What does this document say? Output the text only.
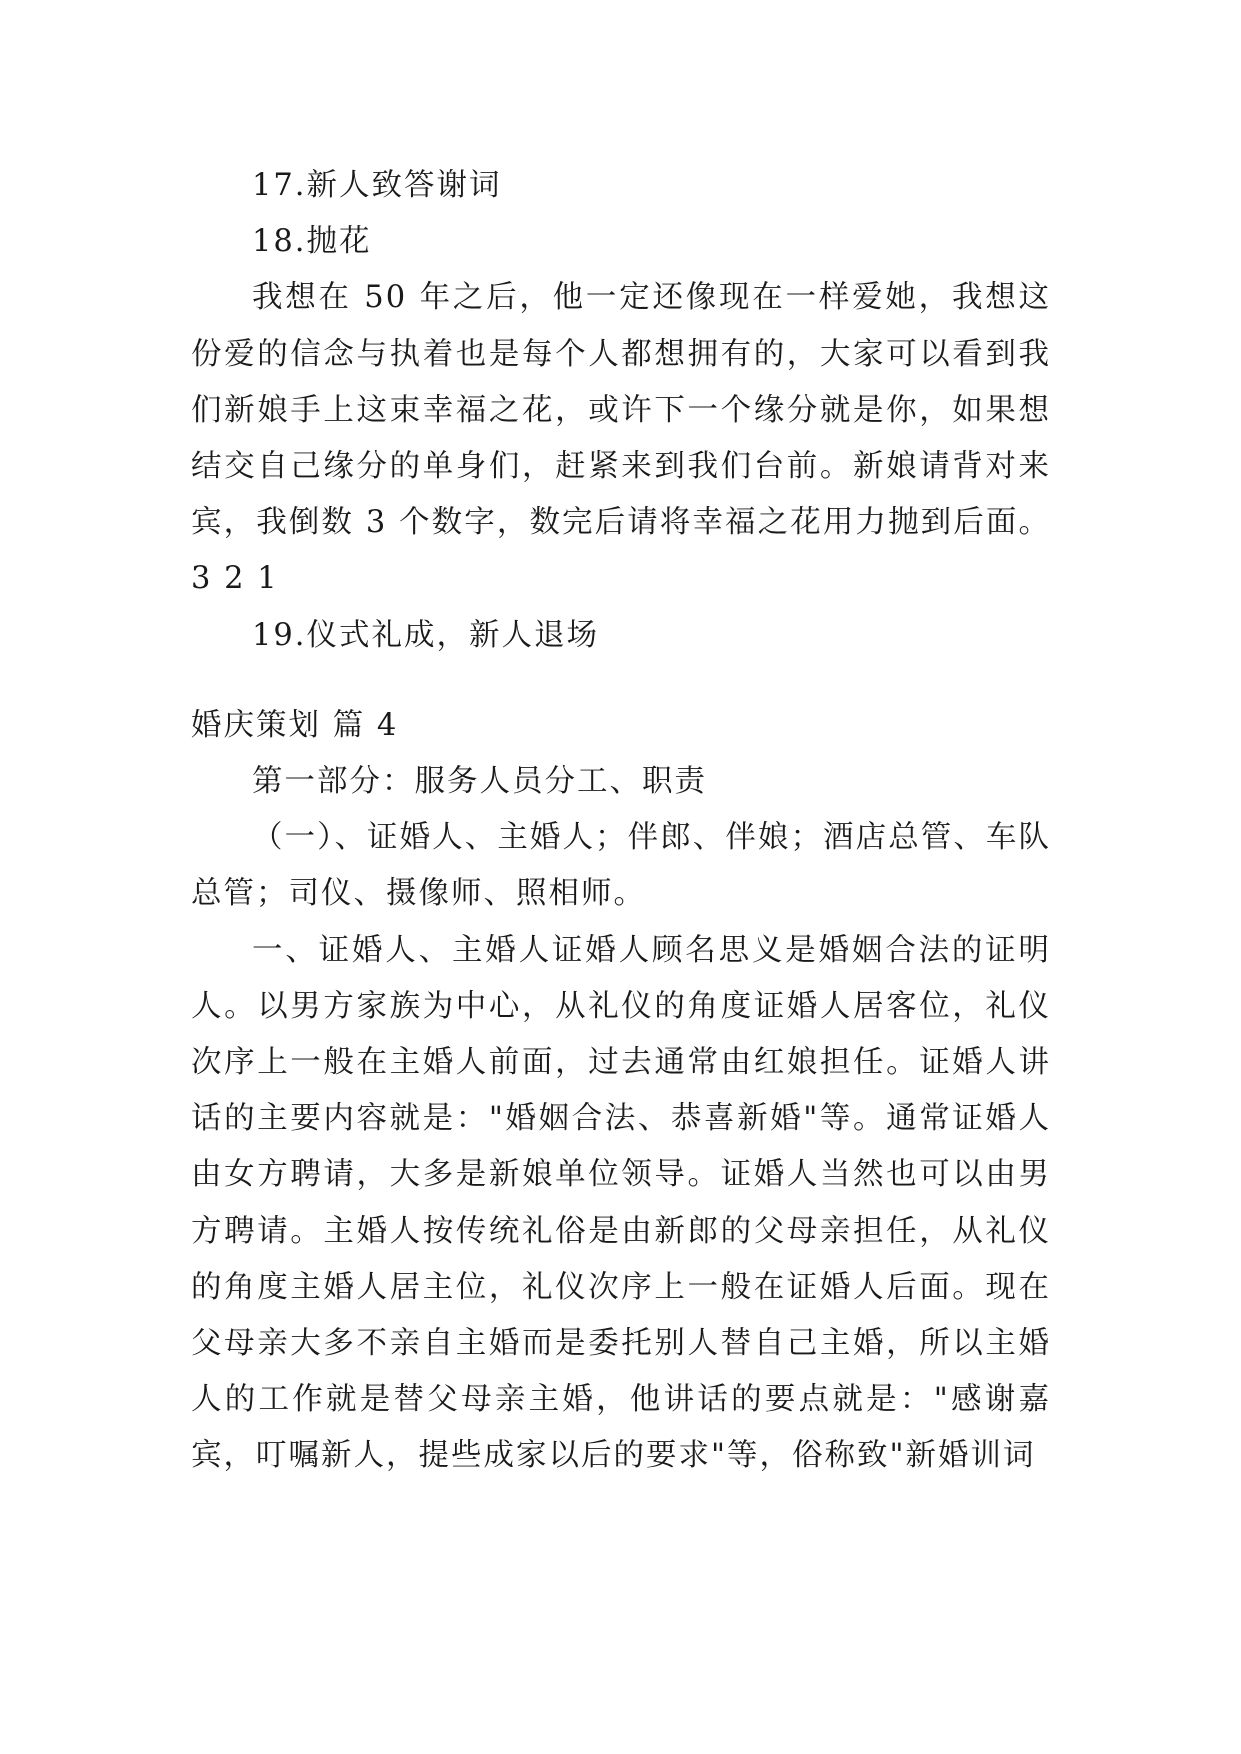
17.新人致答谢词

18.抛花

我想在 50 年之后，他一定还像现在一样爱她，我想这份爱的信念与执着也是每个人都想拥有的，大家可以看到我们新娘手上这束幸福之花，或许下一个缘分就是你，如果想结交自己缘分的单身们，赶紧来到我们台前。新娘请背对来宾，我倒数 3 个数字，数完后请将幸福之花用力抛到后面。3 2 1

19.仪式礼成，新人退场

婚庆策划 篇 4

第一部分：服务人员分工、职责

（一）、证婚人、主婚人；伴郎、伴娘；酒店总管、车队总管；司仪、摄像师、照相师。

一、证婚人、主婚人证婚人顾名思义是婚姻合法的证明人。以男方家族为中心，从礼仪的角度证婚人居客位，礼仪次序上一般在主婚人前面，过去通常由红娘担任。证婚人讲话的主要内容就是："婚姻合法、恭喜新婚"等。通常证婚人由女方聘请，大多是新娘单位领导。证婚人当然也可以由男方聘请。主婚人按传统礼俗是由新郎的父母亲担任，从礼仪的角度主婚人居主位，礼仪次序上一般在证婚人后面。现在父母亲大多不亲自主婚而是委托别人替自己主婚，所以主婚人的工作就是替父母亲主婚，他讲话的要点就是："感谢嘉宾，叮嘱新人，提些成家以后的要求"等，俗称致"新婚训词
